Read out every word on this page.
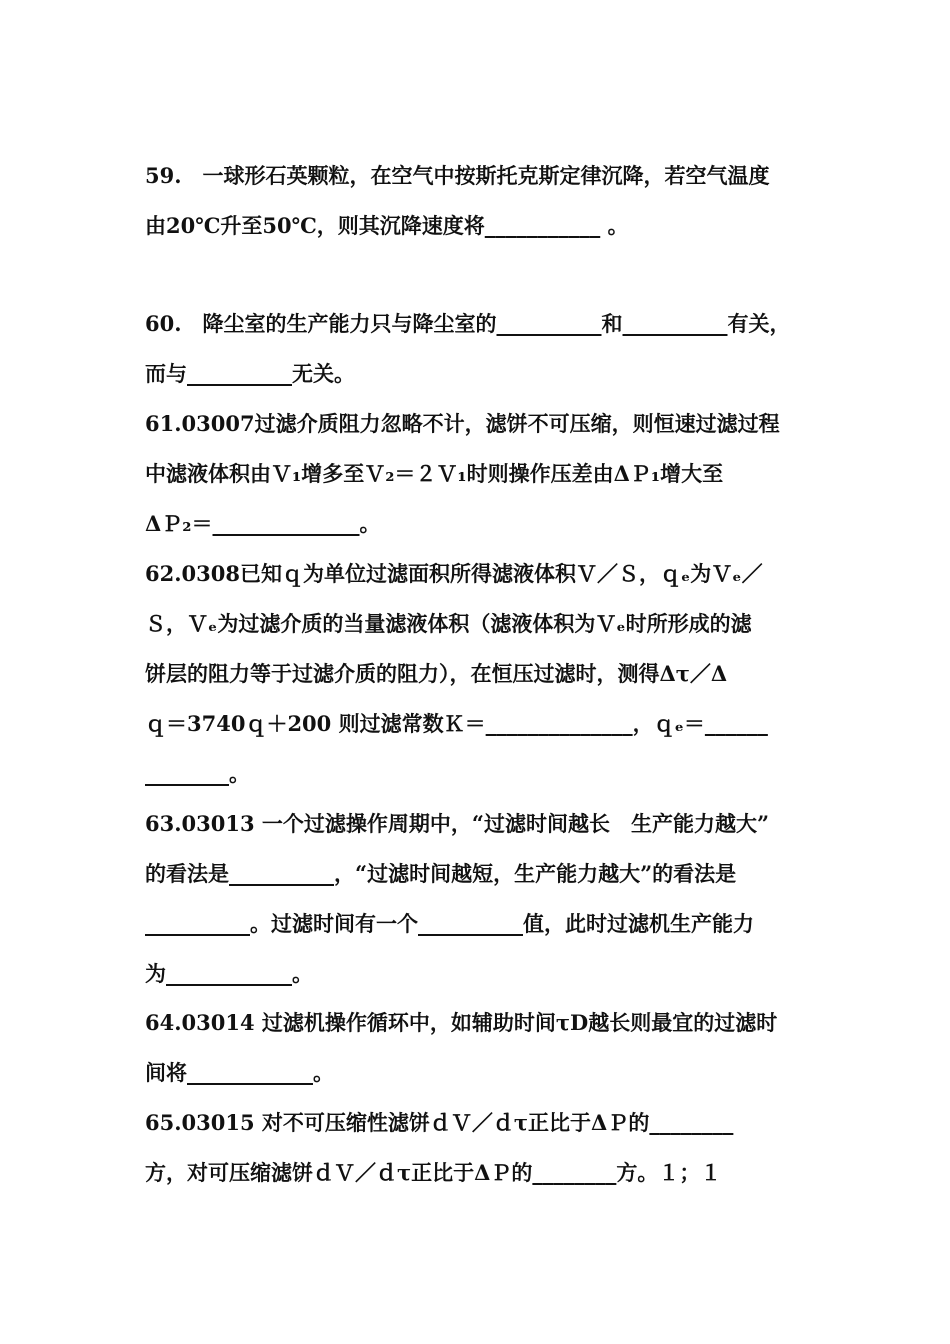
59.　一球形石英颗粒，在空气中按斯托克斯定律沉降，若空气温度
由20℃升至50℃，则其沉降速度将___________ 。
60.　降尘室的生产能力只与降尘室的__________和__________有关，
而与__________无关。
61.03007过滤介质阻力忽略不计，滤饼不可压缩，则恒速过滤过程
中滤液体积由Ｖ₁增多至Ｖ₂＝２Ｖ₁时则操作压差由ΔＰ₁增大至
ΔＰ₂＝______________。
62.0308已知ｑ为单位过滤面积所得滤液体积Ｖ／Ｓ，ｑₑ为Ｖₑ／
Ｓ，Ｖₑ为过滤介质的当量滤液体积（滤液体积为Ｖₑ时所形成的滤
饼层的阻力等于过滤介质的阻力），在恒压过滤时，测得Δτ／Δ
ｑ＝3740ｑ＋200 则过滤常数Ｋ＝______________，ｑₑ＝______
________。
63.03013 一个过滤操作周期中，“过滤时间越长　生产能力越大”
的看法是__________，“过滤时间越短，生产能力越大”的看法是
__________。过滤时间有一个__________值，此时过滤机生产能力
为____________。
64.03014 过滤机操作循环中，如辅助时间τD越长则最宜的过滤时
间将____________。
65.03015 对不可压缩性滤饼ｄＶ／ｄτ正比于ΔＰ的________
方，对可压缩滤饼ｄＶ／ｄτ正比于ΔＰ的________方。１；１
